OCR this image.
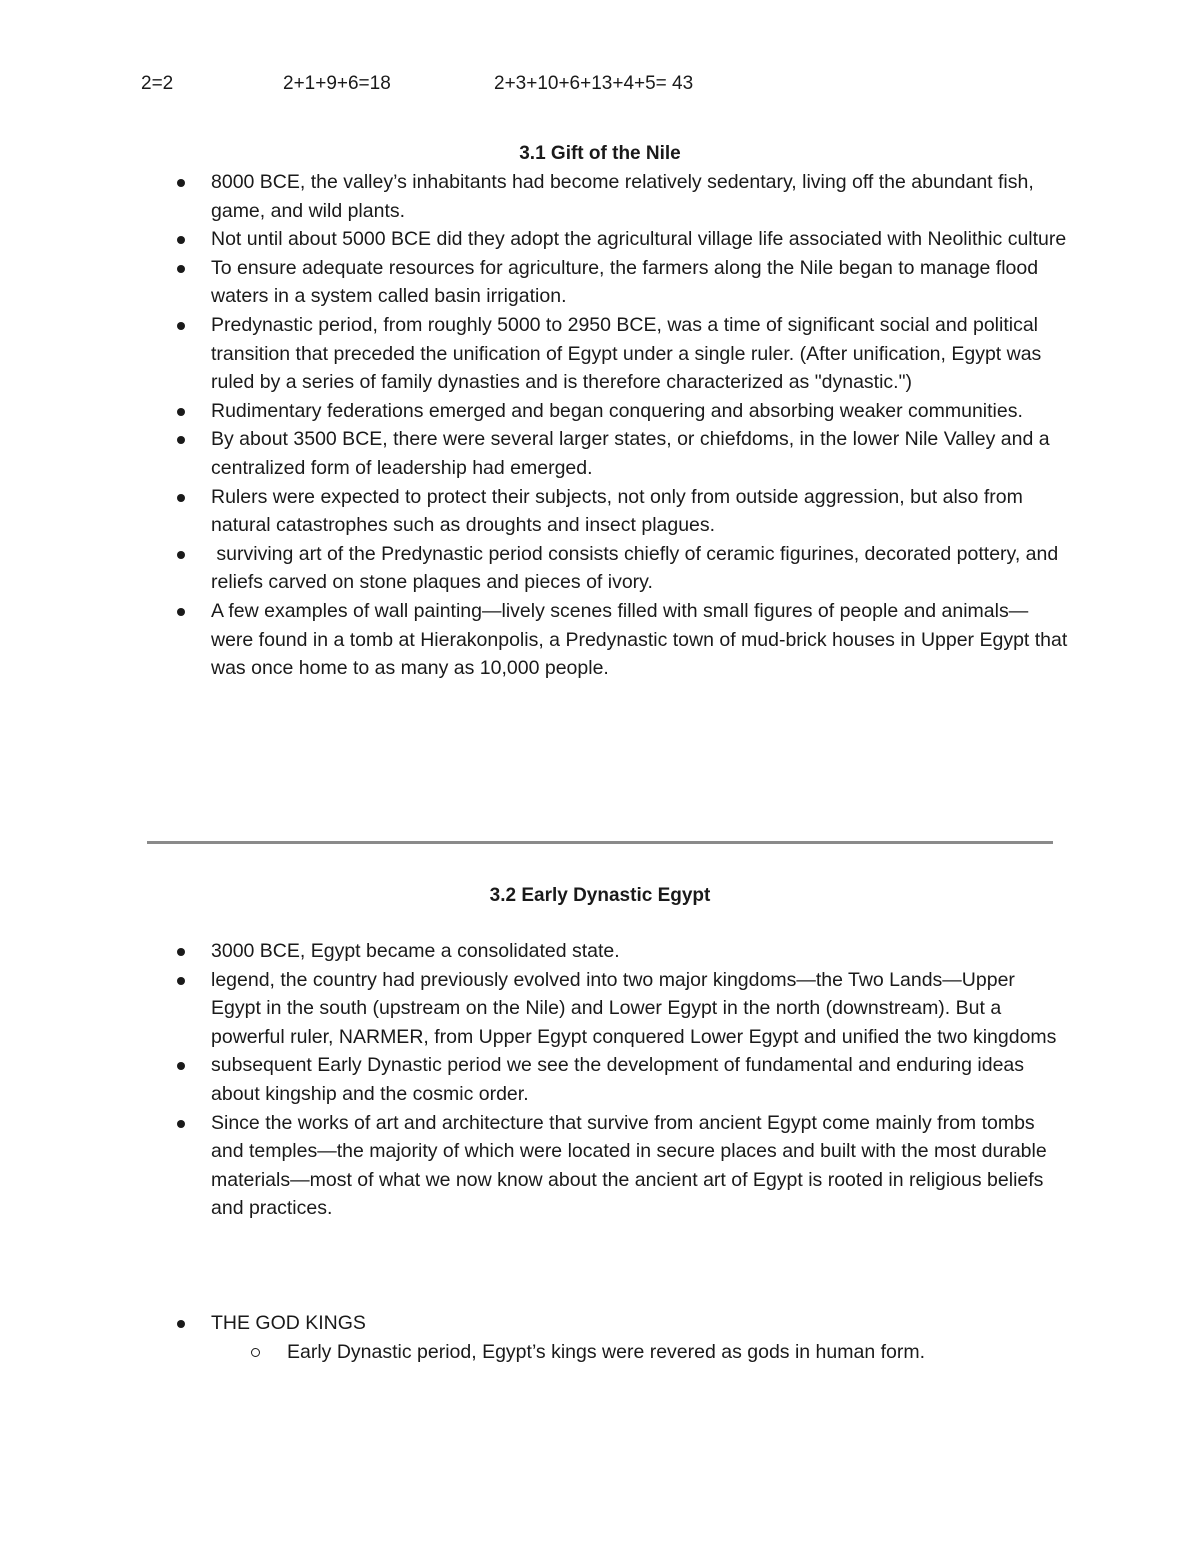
2=2	2+1+9+6=18	2+3+10+6+13+4+5= 43
3.1 Gift of the Nile
8000 BCE, the valley’s inhabitants had become relatively sedentary, living off the abundant fish, game, and wild plants.
Not until about 5000 BCE did they adopt the agricultural village life associated with Neolithic culture
To ensure adequate resources for agriculture, the farmers along the Nile began to manage flood waters in a system called basin irrigation.
Predynastic period, from roughly 5000 to 2950 BCE, was a time of significant social and political transition that preceded the unification of Egypt under a single ruler. (After unification, Egypt was ruled by a series of family dynasties and is therefore characterized as "dynastic.")
Rudimentary federations emerged and began conquering and absorbing weaker communities.
By about 3500 BCE, there were several larger states, or chiefdoms, in the lower Nile Valley and a centralized form of leadership had emerged.
Rulers were expected to protect their subjects, not only from outside aggression, but also from natural catastrophes such as droughts and insect plagues.
surviving art of the Predynastic period consists chiefly of ceramic figurines, decorated pottery, and reliefs carved on stone plaques and pieces of ivory.
A few examples of wall painting—lively scenes filled with small figures of people and animals—were found in a tomb at Hierakonpolis, a Predynastic town of mud-brick houses in Upper Egypt that was once home to as many as 10,000 people.
3.2 Early Dynastic Egypt
3000 BCE, Egypt became a consolidated state.
legend, the country had previously evolved into two major kingdoms—the Two Lands—Upper Egypt in the south (upstream on the Nile) and Lower Egypt in the north (downstream). But a powerful ruler, NARMER, from Upper Egypt conquered Lower Egypt and unified the two kingdoms
subsequent Early Dynastic period we see the development of fundamental and enduring ideas about kingship and the cosmic order.
Since the works of art and architecture that survive from ancient Egypt come mainly from tombs and temples—the majority of which were located in secure places and built with the most durable materials—most of what we now know about the ancient art of Egypt is rooted in religious beliefs and practices.
THE GOD KINGS
Early Dynastic period, Egypt’s kings were revered as gods in human form.
